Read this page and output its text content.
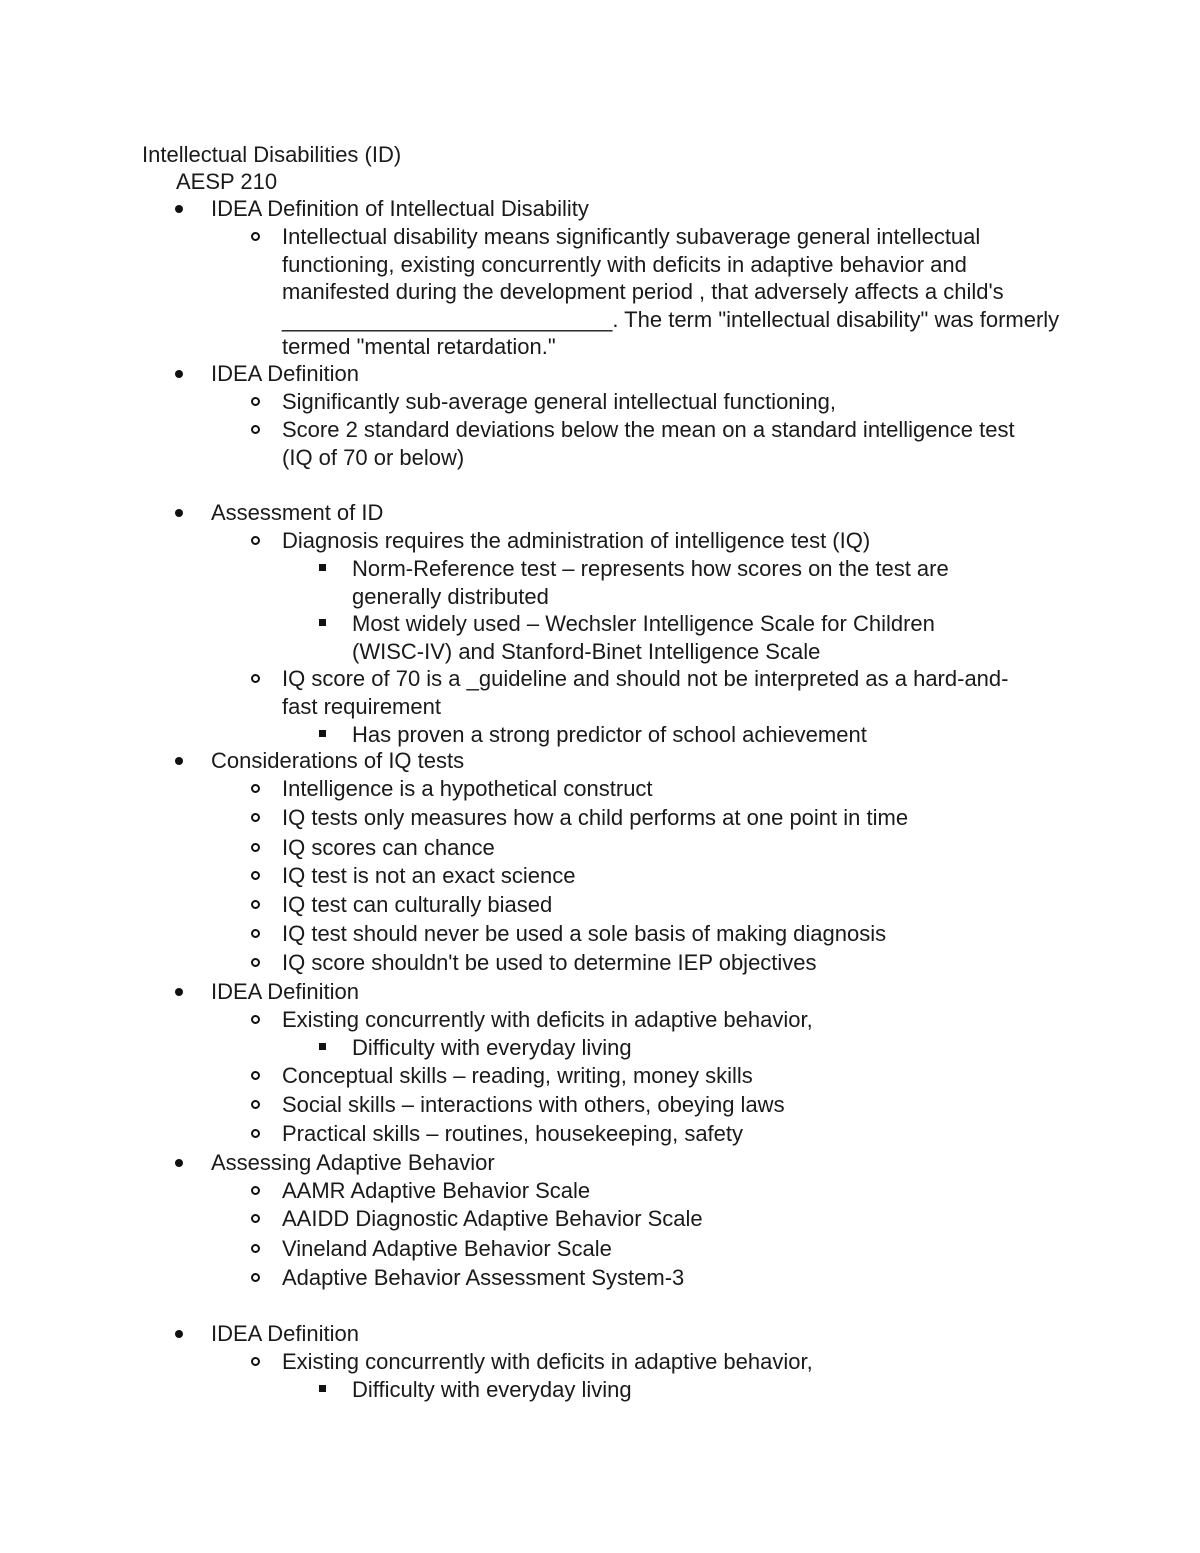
Intellectual Disabilities (ID)
AESP 210
IDEA Definition of Intellectual Disability
Intellectual disability means significantly subaverage general intellectual functioning, existing concurrently with deficits in adaptive behavior and manifested during the development period , that adversely affects a child's ___________________________. The term "intellectual disability" was formerly termed "mental retardation."
IDEA Definition
Significantly sub-average general intellectual functioning,
Score 2 standard deviations below the mean on a standard intelligence test (IQ of 70 or below)
Assessment of ID
Diagnosis requires the administration of intelligence test (IQ)
Norm-Reference test – represents how scores on the test are generally distributed
Most widely used – Wechsler Intelligence Scale for Children (WISC-IV) and Stanford-Binet Intelligence Scale
IQ score of 70 is a _guideline and should not be interpreted as a hard-and-fast requirement
Has proven a strong predictor of school achievement
Considerations of IQ tests
Intelligence is a hypothetical construct
IQ tests only measures how a child performs at one point in time
IQ scores can chance
IQ test is not an exact science
IQ test can culturally biased
IQ test should never be used a sole basis of making diagnosis
IQ score shouldn't be used to determine IEP objectives
IDEA Definition
Existing concurrently with deficits in adaptive behavior,
Difficulty with everyday living
Conceptual skills – reading, writing, money skills
Social skills – interactions with others, obeying laws
Practical skills – routines, housekeeping, safety
Assessing Adaptive Behavior
AAMR Adaptive Behavior Scale
AAIDD Diagnostic Adaptive Behavior Scale
Vineland Adaptive Behavior Scale
Adaptive Behavior Assessment System-3
IDEA Definition
Existing concurrently with deficits in adaptive behavior,
Difficulty with everyday living
